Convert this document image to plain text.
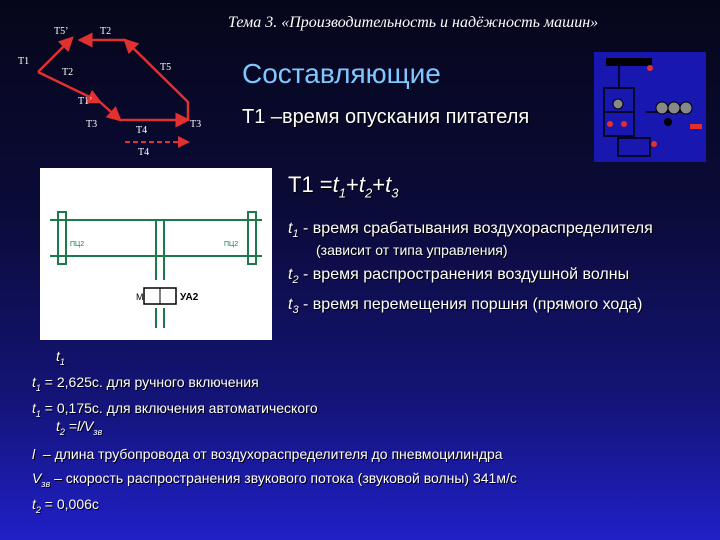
Тема 3. «Производительность и надёжность машин»
Т5’	Т2
Т1
Т2	Т5
Т1’
Т3
Т4
Т3
Т4
Составляющие
Т1 –время опускания питателя
M	УА2
ПЦ2	ПЦ2
$Т1 =t_1+t_2+t_3$
$t_1$ - время срабатывания воздухораспределителя
(зависит от типа управления)
$t_2$ - время распространения воздушной волны
$t_3$ - время перемещения поршня (прямого хода)
$t_1$
$t_1 = 2,625с$. для ручного включения
$t_1 = 0,175с$. для включения автоматического
$t_2 =l/V_{зв}$
l – длина трубопровода от воздухораспределителя до пневмоцилиндра
$V_{зв}$ – скорость распространения звукового потока (звуковой волны) 341м/с
$t_2 = 0,006с$
